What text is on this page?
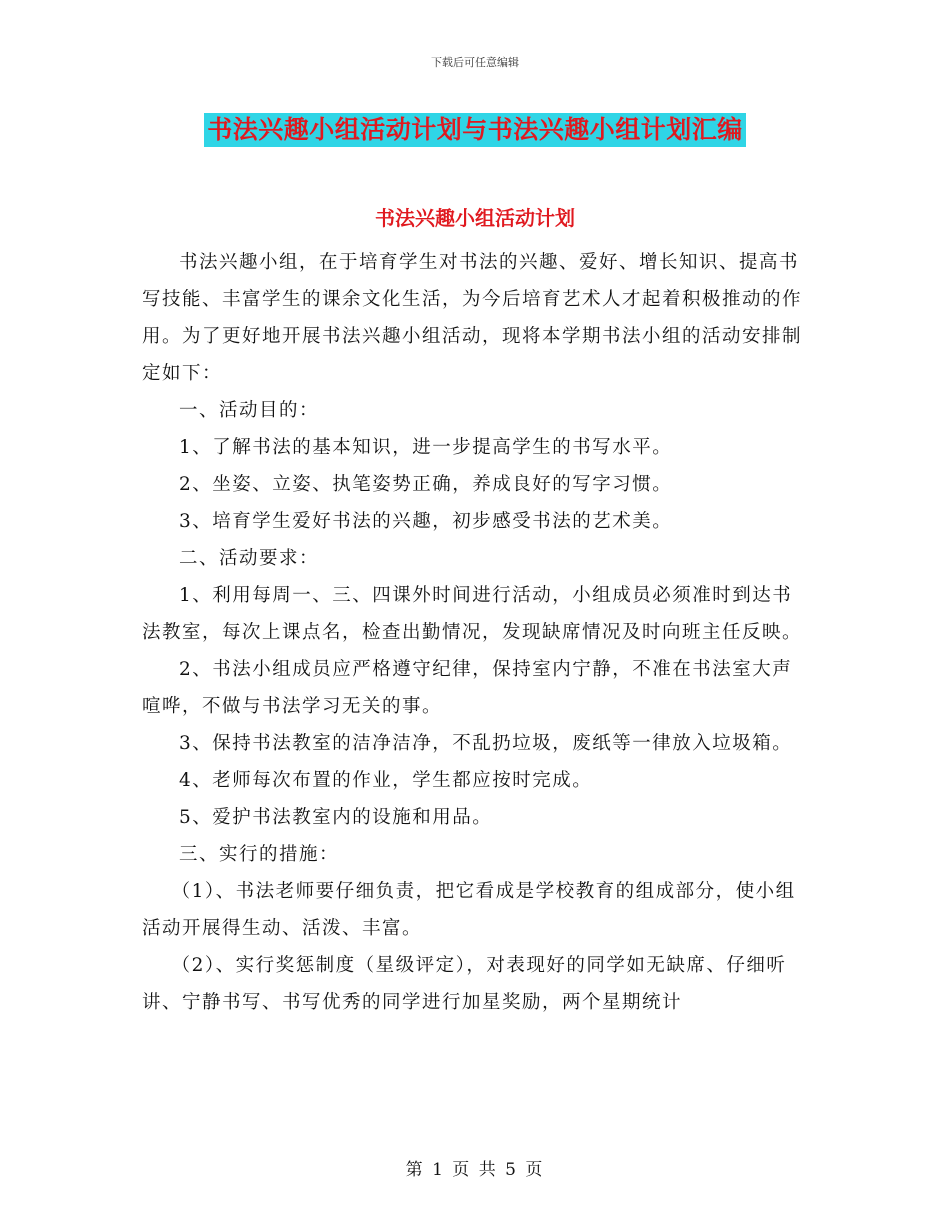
下载后可任意编辑
书法兴趣小组活动计划与书法兴趣小组计划汇编
书法兴趣小组活动计划

书法兴趣小组，在于培育学生对书法的兴趣、爱好、增长知识、提高书写技能、丰富学生的课余文化生活，为今后培育艺术人才起着积极推动的作用。为了更好地开展书法兴趣小组活动，现将本学期书法小组的活动安排制定如下：

一、活动目的：

1、了解书法的基本知识，进一步提高学生的书写水平。

2、坐姿、立姿、执笔姿势正确，养成良好的写字习惯。

3、培育学生爱好书法的兴趣，初步感受书法的艺术美。

二、活动要求：

1、利用每周一、三、四课外时间进行活动，小组成员必须准时到达书法教室，每次上课点名，检查出勤情况，发现缺席情况及时向班主任反映。

2、书法小组成员应严格遵守纪律，保持室内宁静，不准在书法室大声喧哗，不做与书法学习无关的事。

3、保持书法教室的洁净洁净，不乱扔垃圾，废纸等一律放入垃圾箱。

4、老师每次布置的作业，学生都应按时完成。

5、爱护书法教室内的设施和用品。

三、实行的措施：

（1）、书法老师要仔细负责，把它看成是学校教育的组成部分，使小组活动开展得生动、活泼、丰富。

（2）、实行奖惩制度（星级评定），对表现好的同学如无缺席、仔细听讲、宁静书写、书写优秀的同学进行加星奖励，两个星期统计

第 1 页 共 5 页
